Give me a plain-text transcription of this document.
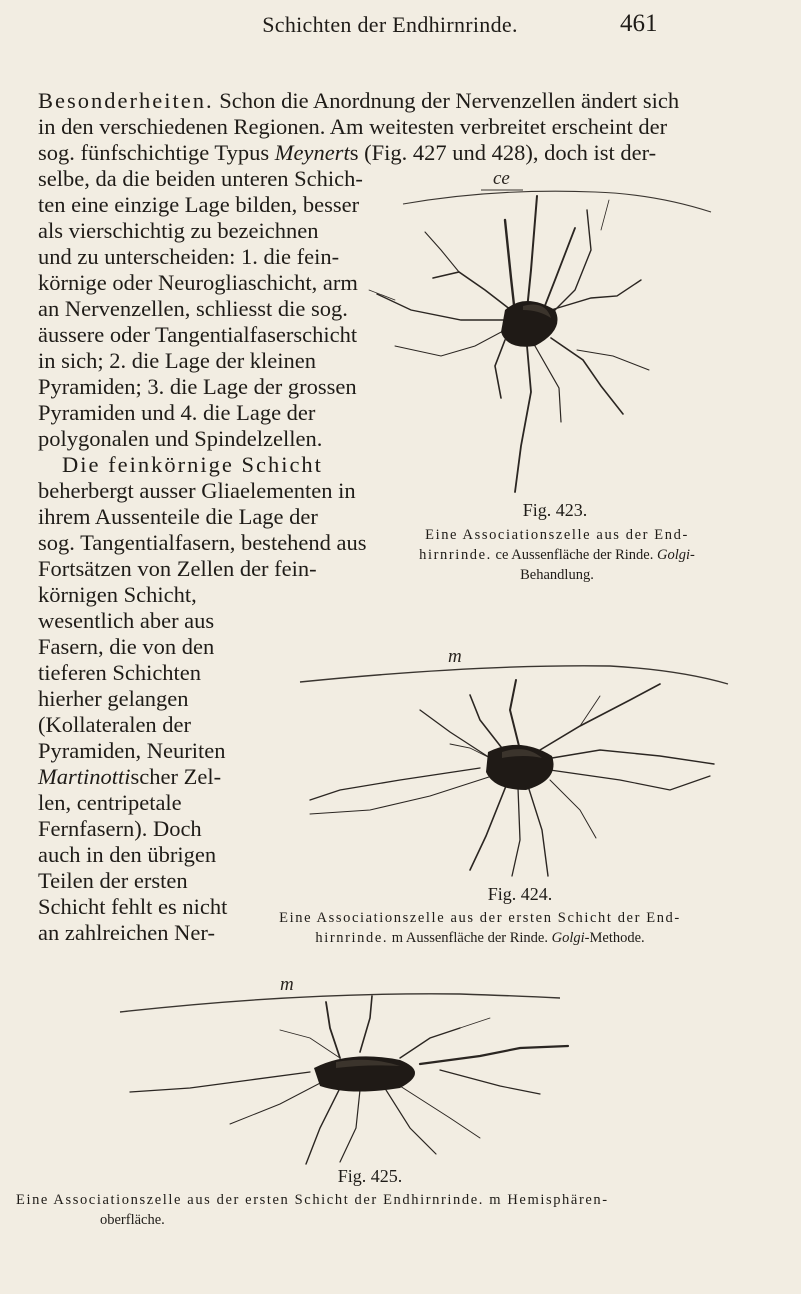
Schichten der Endhirnrinde.	461
Besonderheiten. Schon die Anordnung der Nervenzellen ändert sich
in den verschiedenen Regionen. Am weitesten verbreitet erscheint der
sog. fünfschichtige Typus Meynerts (Fig. 427 und 428), doch ist der-
selbe, da die beiden unteren Schich-
ten eine einzige Lage bilden, besser
als vierschichtig zu bezeichnen
und zu unterscheiden: 1. die fein-
körnige oder Neurogliaschicht, arm
an Nervenzellen, schliesst die sog.
äussere oder Tangentialfaserschicht
in sich; 2. die Lage der kleinen
Pyramiden; 3. die Lage der grossen
Pyramiden und 4. die Lage der
polygonalen und Spindelzellen.
Die feinkörnige Schicht
beherbergt ausser Gliaelementen in
ihrem Aussenteile die Lage der
sog. Tangentialfasern, bestehend aus
Fortsätzen von Zellen der fein-
körnigen Schicht,
wesentlich aber aus
Fasern, die von den
tieferen Schichten
hierher gelangen
(Kollateralen der
Pyramiden, Neuriten
Martinottischer Zel-
len, centripetale
Fernfasern). Doch
auch in den übrigen
Teilen der ersten
Schicht fehlt es nicht
an zahlreichen Ner-
ce
Fig. 423.
Eine Associationszelle aus der End-
hirnrinde. ce Aussenfläche der Rinde. Golgi-
Behandlung.
m
Fig. 424.
Eine Associationszelle aus der ersten Schicht der End-
hirnrinde. m Aussenfläche der Rinde. Golgi-Methode.
m
Fig. 425.
Eine Associationszelle aus der ersten Schicht der Endhirnrinde. m Hemisphären-
oberfläche.
